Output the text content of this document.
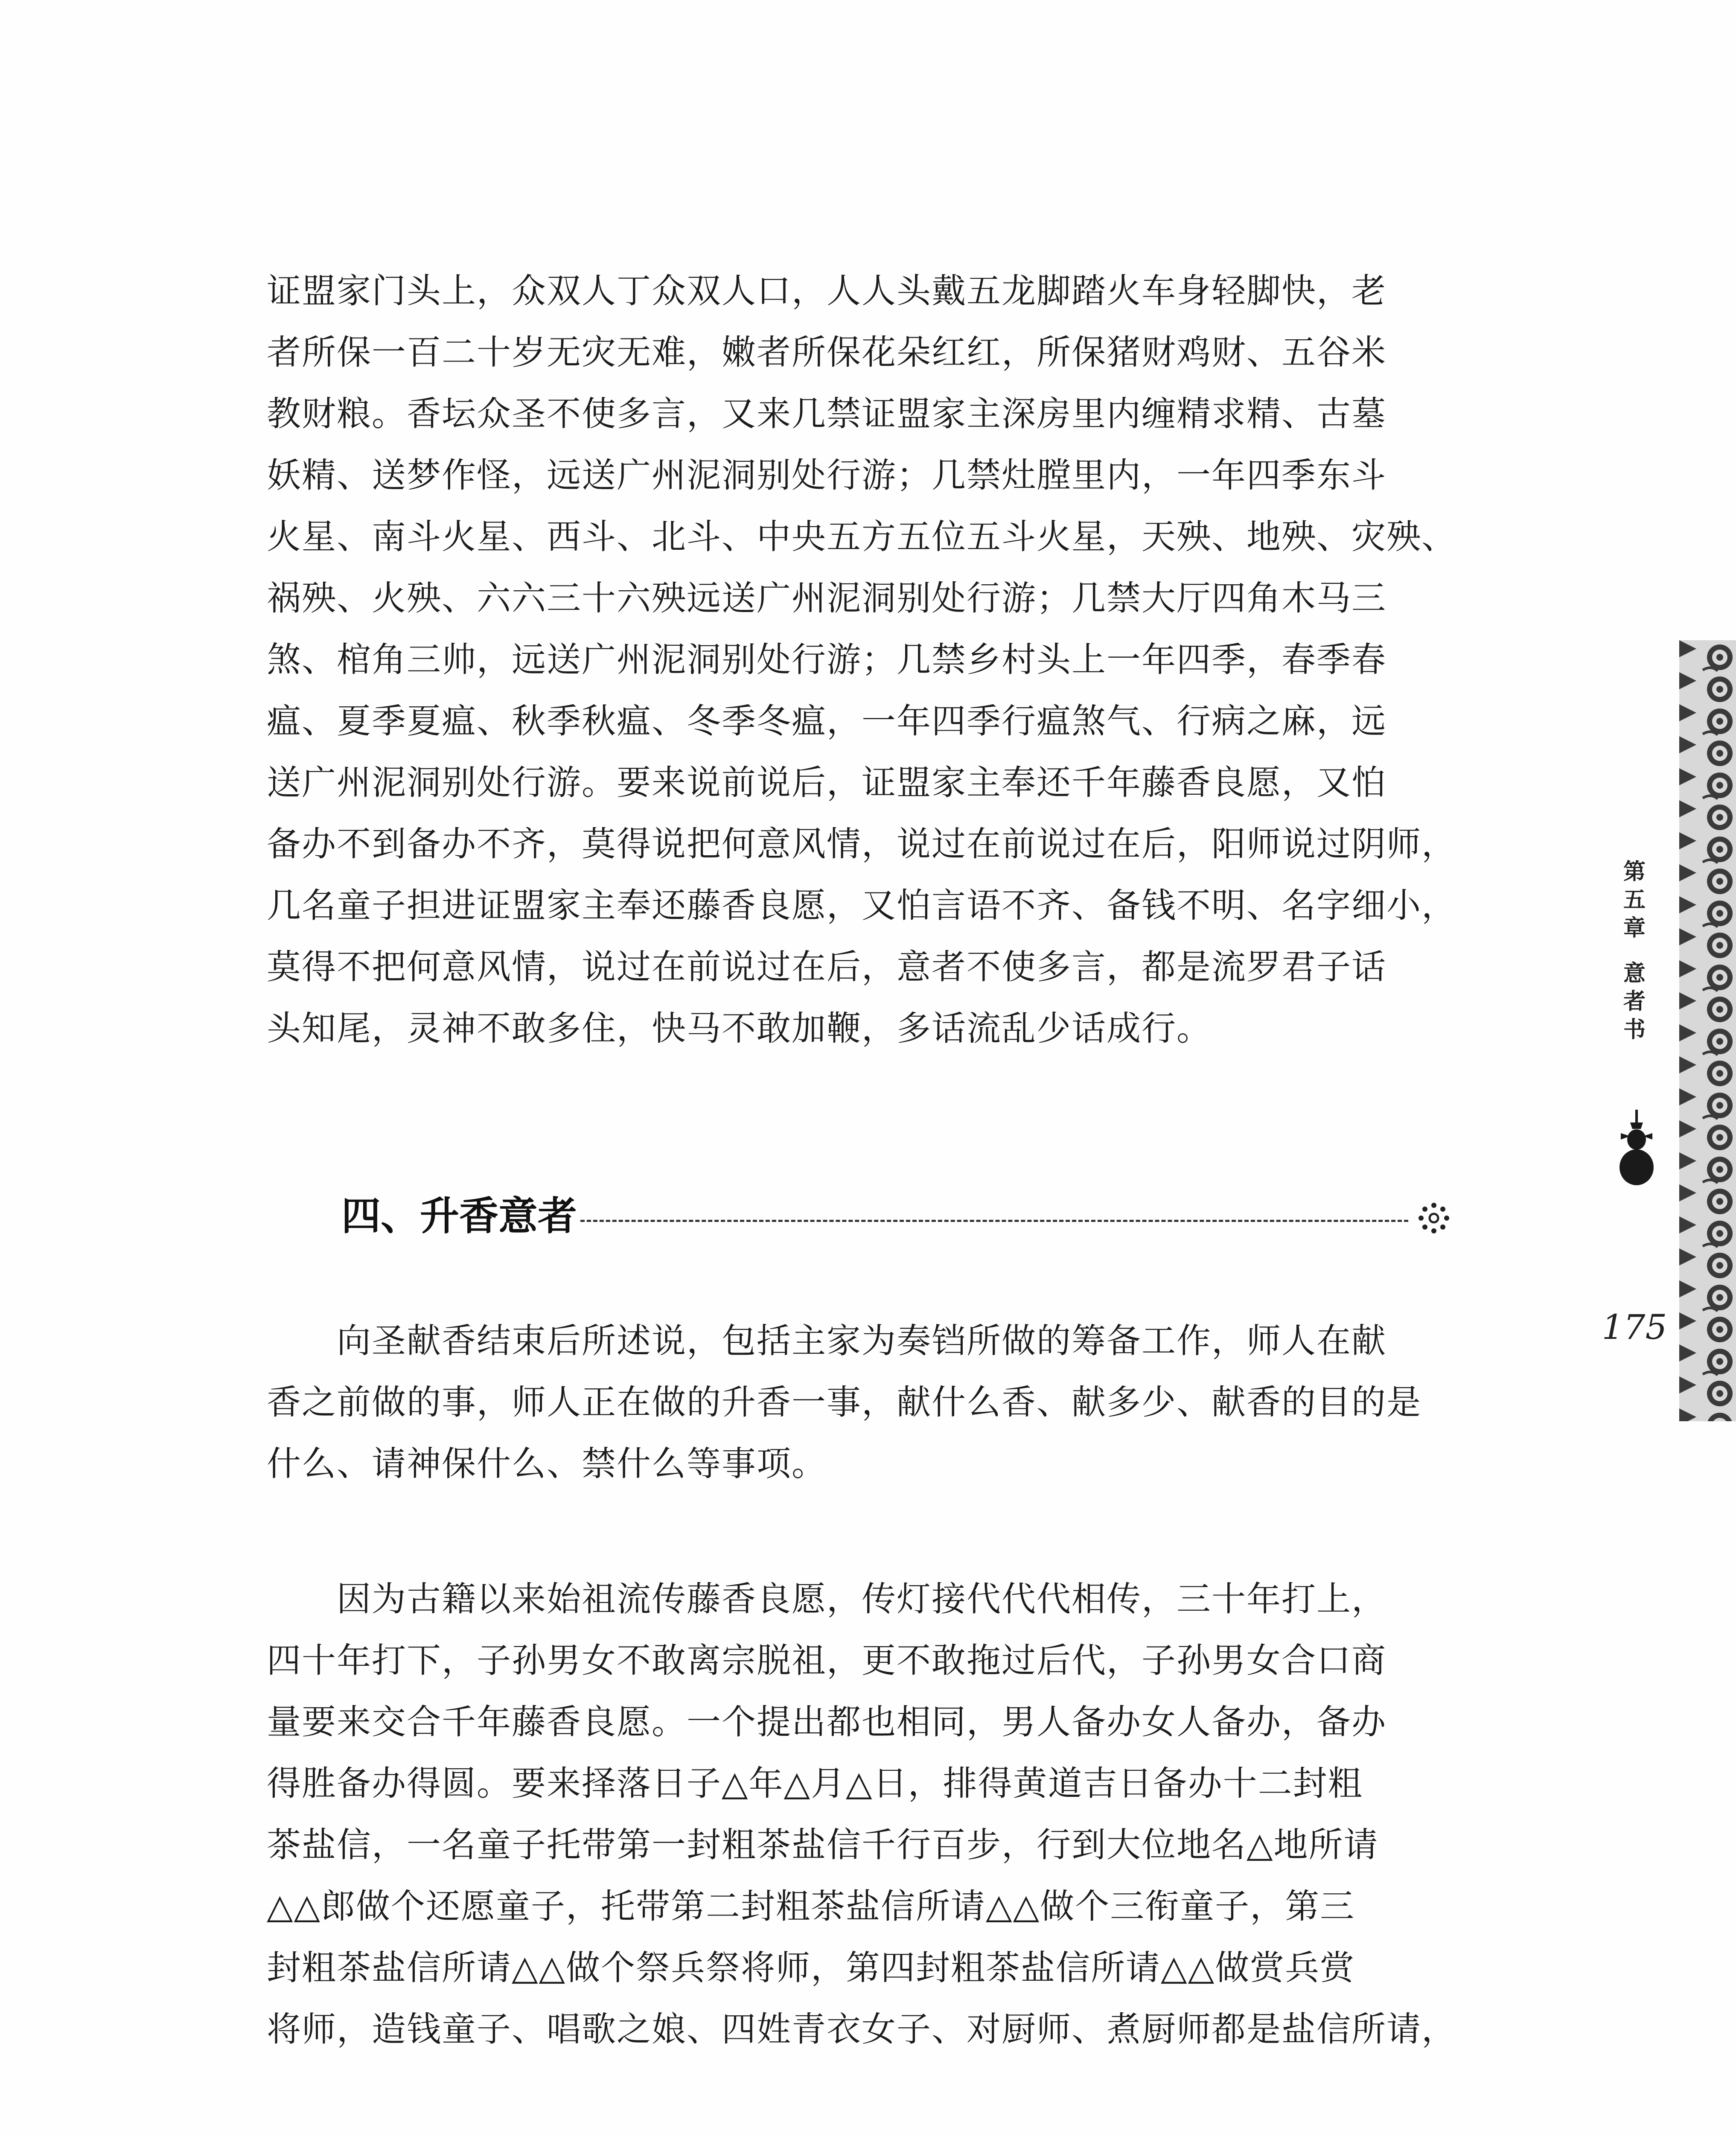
证盟家门头上，众双人丁众双人口，人人头戴五龙脚踏火车身轻脚快，老
者所保一百二十岁无灾无难，嫩者所保花朵红红，所保猪财鸡财、五谷米
教财粮。香坛众圣不使多言，又来几禁证盟家主深房里内缠精求精、古墓
妖精、送梦作怪，远送广州泥洞别处行游；几禁灶膛里内，一年四季东斗
火星、南斗火星、西斗、北斗、中央五方五位五斗火星，天殃、地殃、灾殃、
祸殃、火殃、六六三十六殃远送广州泥洞别处行游；几禁大厅四角木马三
煞、棺角三帅，远送广州泥洞别处行游；几禁乡村头上一年四季，春季春
瘟、夏季夏瘟、秋季秋瘟、冬季冬瘟，一年四季行瘟煞气、行病之麻，远
送广州泥洞别处行游。要来说前说后，证盟家主奉还千年藤香良愿，又怕
备办不到备办不齐，莫得说把何意风情，说过在前说过在后，阳师说过阴师，
几名童子担进证盟家主奉还藤香良愿，又怕言语不齐、备钱不明、名字细小，
莫得不把何意风情，说过在前说过在后，意者不使多言，都是流罗君子话
头知尾，灵神不敢多住，快马不敢加鞭，多话流乱少话成行。
四、升香意者
　　向圣献香结束后所述说，包括主家为奏铛所做的筹备工作，师人在献
香之前做的事，师人正在做的升香一事，献什么香、献多少、献香的目的是
什么、请神保什么、禁什么等事项。
　　因为古籍以来始祖流传藤香良愿，传灯接代代代相传，三十年打上，
四十年打下，子孙男女不敢离宗脱祖，更不敢拖过后代，子孙男女合口商
量要来交合千年藤香良愿。一个提出都也相同，男人备办女人备办，备办
得胜备办得圆。要来择落日子△年△月△日，排得黄道吉日备办十二封粗
茶盐信，一名童子托带第一封粗茶盐信千行百步，行到大位地名△地所请
△△郎做个还愿童子，托带第二封粗茶盐信所请△△做个三衔童子，第三
封粗茶盐信所请△△做个祭兵祭将师，第四封粗茶盐信所请△△做赏兵赏
将师，造钱童子、唱歌之娘、四姓青衣女子、对厨师、煮厨师都是盐信所请，
第
五
章
意
者
书
175
